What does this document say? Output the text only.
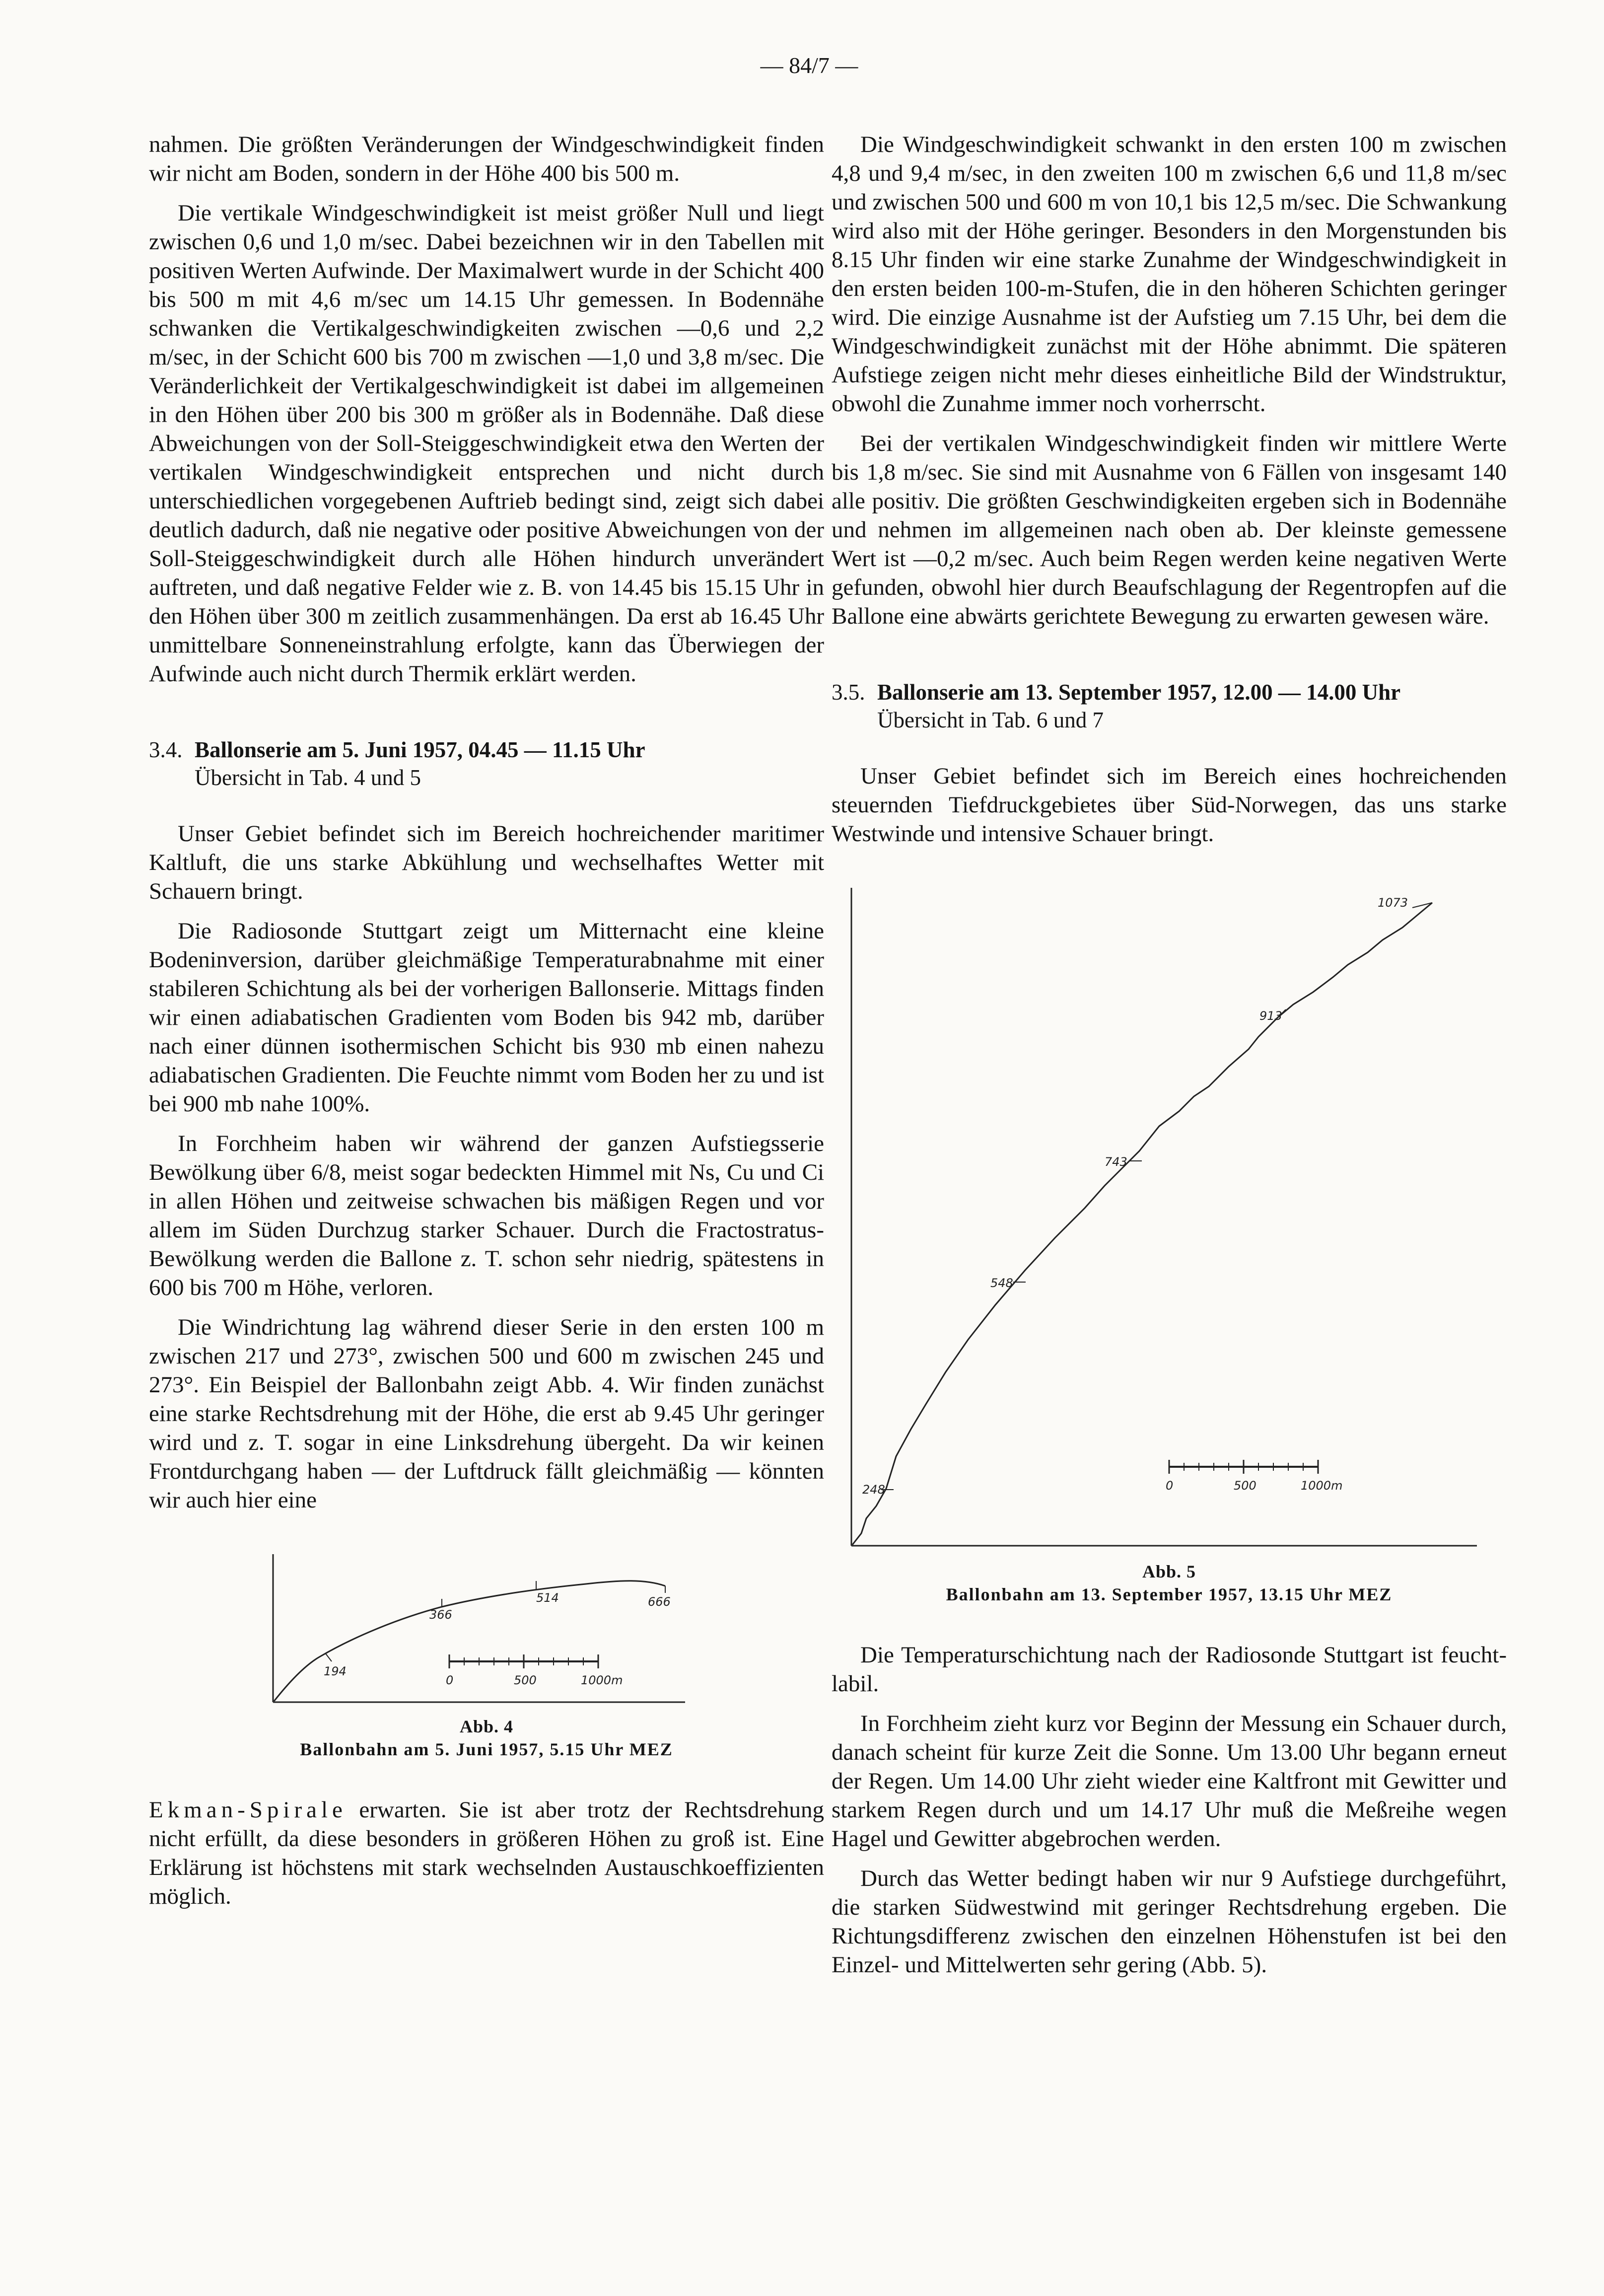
— 84/7 —

nahmen. Die größten Veränderungen der Windgeschwindigkeit finden wir nicht am Boden, sondern in der Höhe 400 bis 500 m.

Die vertikale Windgeschwindigkeit ist meist größer Null und liegt zwischen 0,6 und 1,0 m/sec. Dabei bezeichnen wir in den Tabellen mit positiven Werten Aufwinde. Der Maximalwert wurde in der Schicht 400 bis 500 m mit 4,6 m/sec um 14.15 Uhr gemessen. In Bodennähe schwanken die Vertikalgeschwindigkeiten zwischen —0,6 und 2,2 m/sec, in der Schicht 600 bis 700 m zwischen —1,0 und 3,8 m/sec. Die Veränderlichkeit der Vertikalgeschwindigkeit ist dabei im allgemeinen in den Höhen über 200 bis 300 m größer als in Bodennähe. Daß diese Abweichungen von der Soll-Steiggeschwindigkeit etwa den Werten der vertikalen Windgeschwindigkeit entsprechen und nicht durch unterschiedlichen vorgegebenen Auftrieb bedingt sind, zeigt sich dabei deutlich dadurch, daß nie negative oder positive Abweichungen von der Soll-Steiggeschwindigkeit durch alle Höhen hindurch unverändert auftreten, und daß negative Felder wie z. B. von 14.45 bis 15.15 Uhr in den Höhen über 300 m zeitlich zusammenhängen. Da erst ab 16.45 Uhr unmittelbare Sonneneinstrahlung erfolgte, kann das Überwiegen der Aufwinde auch nicht durch Thermik erklärt werden.

3.4. Ballonserie am 5. Juni 1957, 04.45 — 11.15 Uhr
Übersicht in Tab. 4 und 5

Unser Gebiet befindet sich im Bereich hochreichender maritimer Kaltluft, die uns starke Abkühlung und wechselhaftes Wetter mit Schauern bringt.

Die Radiosonde Stuttgart zeigt um Mitternacht eine kleine Bodeninversion, darüber gleichmäßige Temperaturabnahme mit einer stabileren Schichtung als bei der vorherigen Ballonserie. Mittags finden wir einen adiabatischen Gradienten vom Boden bis 942 mb, darüber nach einer dünnen isothermischen Schicht bis 930 mb einen nahezu adiabatischen Gradienten. Die Feuchte nimmt vom Boden her zu und ist bei 900 mb nahe 100%.

In Forchheim haben wir während der ganzen Aufstiegsserie Bewölkung über 6/8, meist sogar bedeckten Himmel mit Ns, Cu und Ci in allen Höhen und zeitweise schwachen bis mäßigen Regen und vor allem im Süden Durchzug starker Schauer. Durch die Fractostratus-Bewölkung werden die Ballone z. T. schon sehr niedrig, spätestens in 600 bis 700 m Höhe, verloren.

Die Windrichtung lag während dieser Serie in den ersten 100 m zwischen 217 und 273°, zwischen 500 und 600 m zwischen 245 und 273°. Ein Beispiel der Ballonbahn zeigt Abb. 4. Wir finden zunächst eine starke Rechtsdrehung mit der Höhe, die erst ab 9.45 Uhr geringer wird und z. T. sogar in eine Linksdrehung übergeht. Da wir keinen Frontdurchgang haben — der Luftdruck fällt gleichmäßig — könnten wir auch hier eine

194
366
514	666
0	500	1000m
Abb. 4
Ballonbahn am 5. Juni 1957, 5.15 Uhr MEZ

Ekman-Spirale erwarten. Sie ist aber trotz der Rechtsdrehung nicht erfüllt, da diese besonders in größeren Höhen zu groß ist. Eine Erklärung ist höchstens mit stark wechselnden Austauschkoeffizienten möglich.

Die Windgeschwindigkeit schwankt in den ersten 100 m zwischen 4,8 und 9,4 m/sec, in den zweiten 100 m zwischen 6,6 und 11,8 m/sec und zwischen 500 und 600 m von 10,1 bis 12,5 m/sec. Die Schwankung wird also mit der Höhe geringer. Besonders in den Morgenstunden bis 8.15 Uhr finden wir eine starke Zunahme der Windgeschwindigkeit in den ersten beiden 100-m-Stufen, die in den höheren Schichten geringer wird. Die einzige Ausnahme ist der Aufstieg um 7.15 Uhr, bei dem die Windgeschwindigkeit zunächst mit der Höhe abnimmt. Die späteren Aufstiege zeigen nicht mehr dieses einheitliche Bild der Windstruktur, obwohl die Zunahme immer noch vorherrscht.

Bei der vertikalen Windgeschwindigkeit finden wir mittlere Werte bis 1,8 m/sec. Sie sind mit Ausnahme von 6 Fällen von insgesamt 140 alle positiv. Die größten Geschwindigkeiten ergeben sich in Bodennähe und nehmen im allgemeinen nach oben ab. Der kleinste gemessene Wert ist —0,2 m/sec. Auch beim Regen werden keine negativen Werte gefunden, obwohl hier durch Beaufschlagung der Regentropfen auf die Ballone eine abwärts gerichtete Bewegung zu erwarten gewesen wäre.

3.5. Ballonserie am 13. September 1957, 12.00 — 14.00 Uhr
Übersicht in Tab. 6 und 7

Unser Gebiet befindet sich im Bereich eines hochreichenden steuernden Tiefdruckgebietes über Süd-Norwegen, das uns starke Westwinde und intensive Schauer bringt.

248
548
743
913
1073
0	500	1000m
Abb. 5
Ballonbahn am 13. September 1957, 13.15 Uhr MEZ

Die Temperaturschichtung nach der Radiosonde Stuttgart ist feucht-labil.

In Forchheim zieht kurz vor Beginn der Messung ein Schauer durch, danach scheint für kurze Zeit die Sonne. Um 13.00 Uhr begann erneut der Regen. Um 14.00 Uhr zieht wieder eine Kaltfront mit Gewitter und starkem Regen durch und um 14.17 Uhr muß die Meßreihe wegen Hagel und Gewitter abgebrochen werden.

Durch das Wetter bedingt haben wir nur 9 Aufstiege durchgeführt, die starken Südwestwind mit geringer Rechtsdrehung ergeben. Die Richtungsdifferenz zwischen den einzelnen Höhenstufen ist bei den Einzel- und Mittelwerten sehr gering (Abb. 5).
